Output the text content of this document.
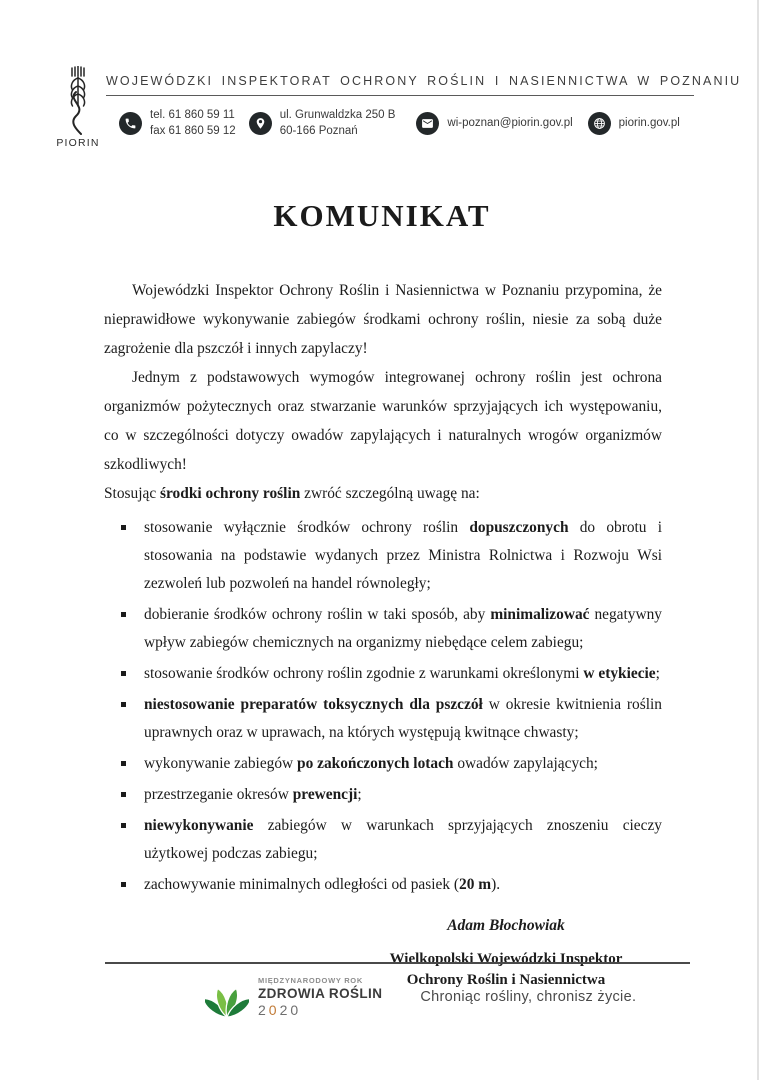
PIORIN
WOJEWÓDZKI INSPEKTORAT OCHRONY ROŚLIN I NASIENNICTWA W POZNANIU
tel. 61 860 59 11
fax 61 860 59 12
ul. Grunwaldzka 250 B
60-166 Poznań
wi-poznan@piorin.gov.pl	piorin.gov.pl
KOMUNIKAT

Wojewódzki Inspektor Ochrony Roślin i Nasiennictwa w Poznaniu przypomina, że nieprawidłowe wykonywanie zabiegów środkami ochrony roślin, niesie za sobą duże zagrożenie dla pszczół i innych zapylaczy!

Jednym z podstawowych wymogów integrowanej ochrony roślin jest ochrona organizmów pożytecznych oraz stwarzanie warunków sprzyjających ich występowaniu, co w szczególności dotyczy owadów zapylających i naturalnych wrogów organizmów szkodliwych!

Stosując środki ochrony roślin zwróć szczególną uwagę na:

stosowanie wyłącznie środków ochrony roślin dopuszczonych do obrotu i stosowania na podstawie wydanych przez Ministra Rolnictwa i Rozwoju Wsi zezwoleń lub pozwoleń na handel równoległy;
dobieranie środków ochrony roślin w taki sposób, aby minimalizować negatywny wpływ zabiegów chemicznych na organizmy niebędące celem zabiegu;
stosowanie środków ochrony roślin zgodnie z warunkami określonymi w etykiecie;
niestosowanie preparatów toksycznych dla pszczół w okresie kwitnienia roślin uprawnych oraz w uprawach, na których występują kwitnące chwasty;
wykonywanie zabiegów po zakończonych lotach owadów zapylających;
przestrzeganie okresów prewencji;
niewykonywanie zabiegów w warunkach sprzyjających znoszeniu cieczy użytkowej podczas zabiegu;
zachowywanie minimalnych odległości od pasiek (20 m).
Adam Błochowiak
Wielkopolski Wojewódzki Inspektor
Ochrony Roślin i Nasiennictwa
MIĘDZYNARODOWY ROK
ZDROWIA ROŚLIN
2020
Chroniąc rośliny, chronisz życie.
